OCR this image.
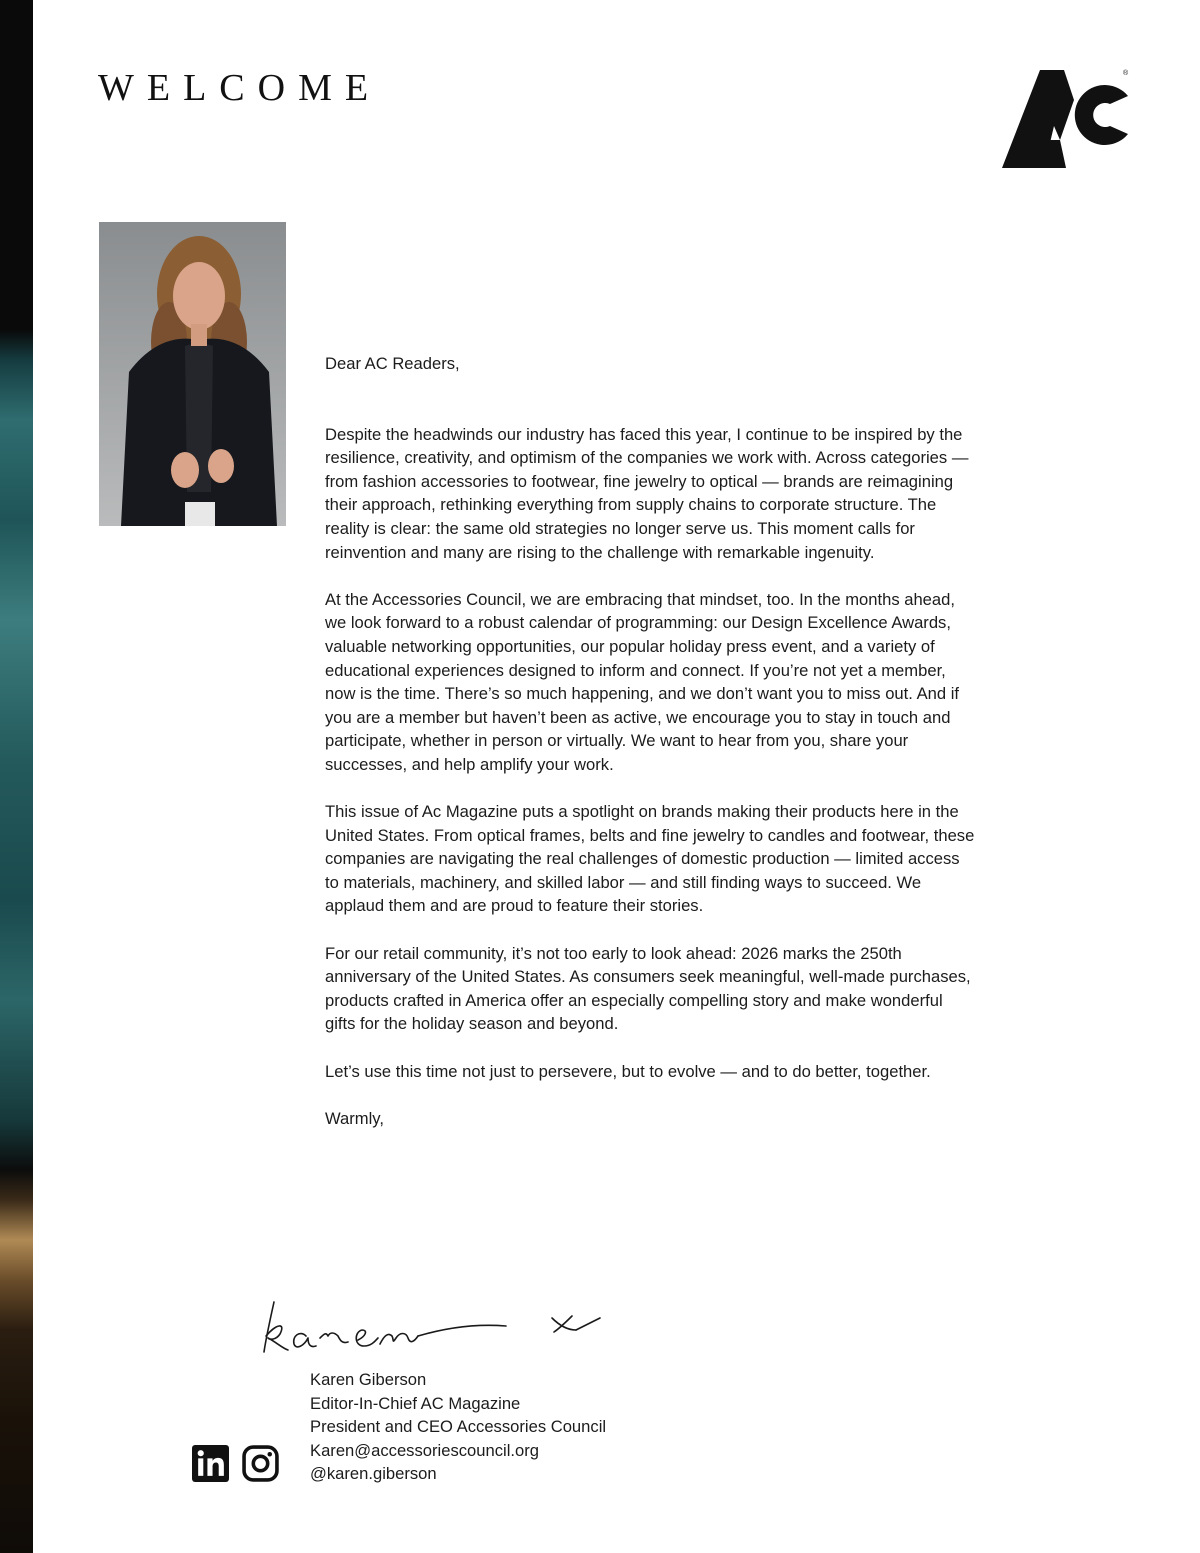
WELCOME	®

Dear AC Readers,

Despite the headwinds our industry has faced this year, I continue to be inspired by the resilience, creativity, and optimism of the companies we work with. Across categories — from fashion accessories to footwear, fine jewelry to optical — brands are reimagining their approach, rethinking everything from supply chains to corporate structure. The reality is clear: the same old strategies no longer serve us. This moment calls for reinvention and many are rising to the challenge with remarkable ingenuity.

At the Accessories Council, we are embracing that mindset, too. In the months ahead, we look forward to a robust calendar of programming: our Design Excellence Awards, valuable networking opportunities, our popular holiday press event, and a variety of educational experiences designed to inform and connect. If you’re not yet a member, now is the time. There’s so much happening, and we don’t want you to miss out. And if you are a member but haven’t been as active, we encourage you to stay in touch and participate, whether in person or virtually. We want to hear from you, share your successes, and help amplify your work.

This issue of Ac Magazine puts a spotlight on brands making their products here in the United States. From optical frames, belts and fine jewelry to candles and footwear, these companies are navigating the real challenges of domestic production — limited access to materials, machinery, and skilled labor — and still finding ways to succeed. We applaud them and are proud to feature their stories.

For our retail community, it’s not too early to look ahead: 2026 marks the 250th anniversary of the United States. As consumers seek meaningful, well-made purchases, products crafted in America offer an especially compelling story and make wonderful gifts for the holiday season and beyond.

Let’s use this time not just to persevere, but to evolve — and to do better, together.

Warmly,

Karen Giberson
Editor-In-Chief AC Magazine
President and CEO Accessories Council
Karen@accessoriescouncil.org
@karen.giberson
